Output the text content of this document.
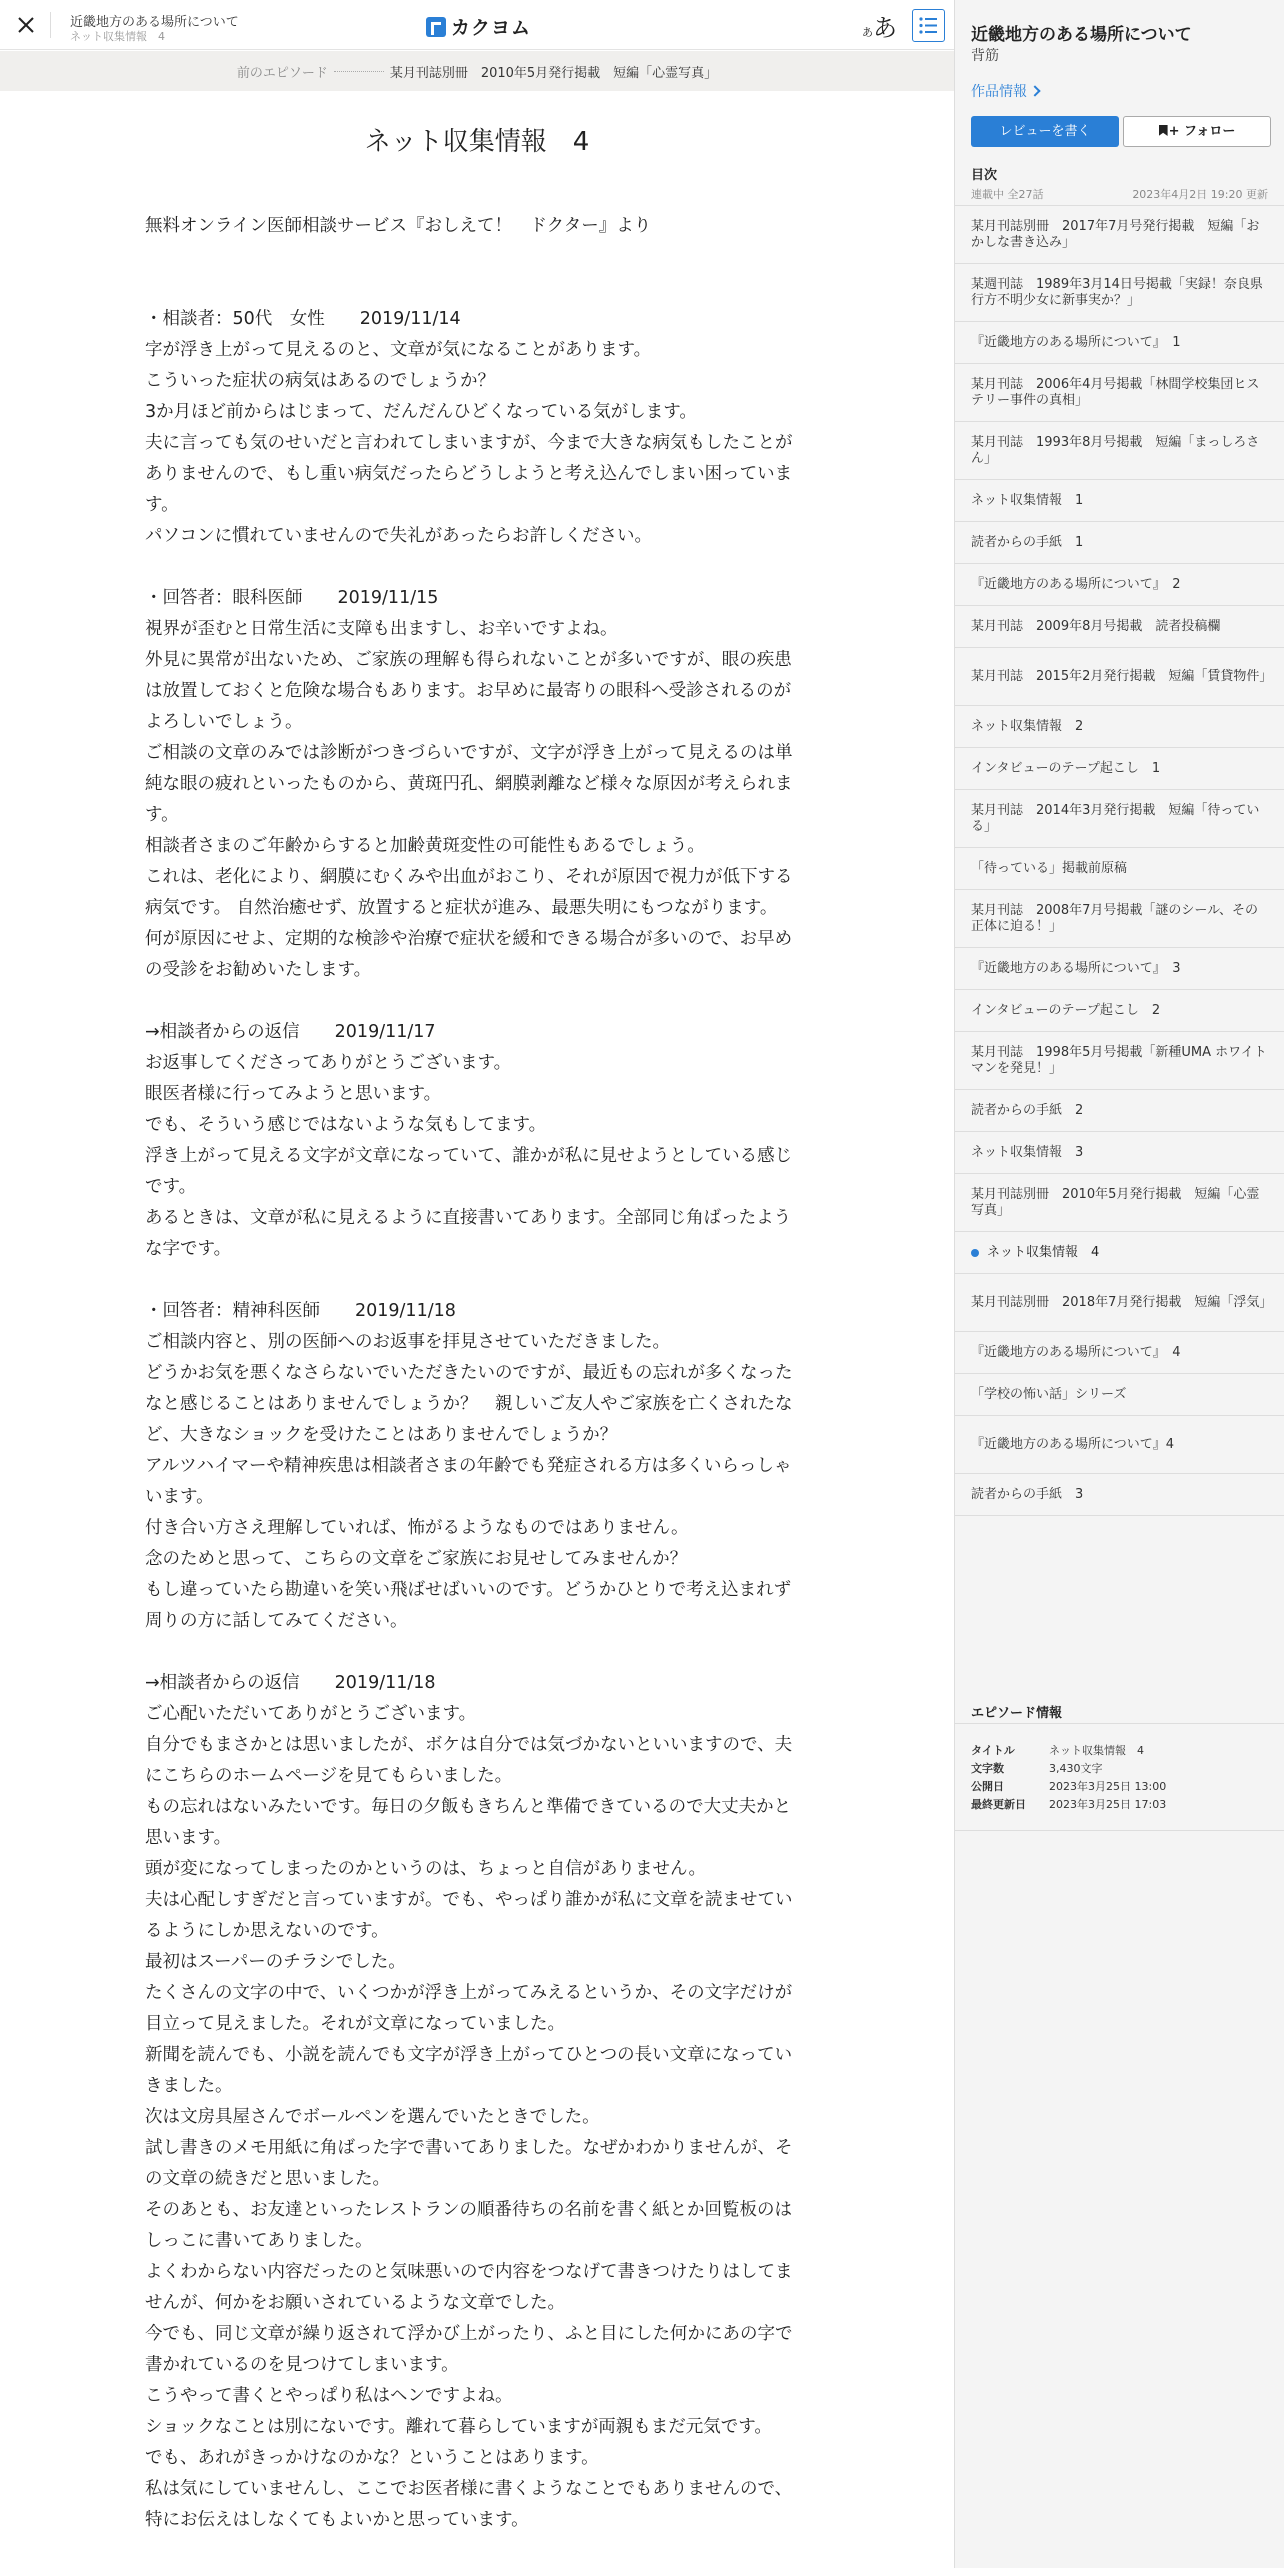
近畿地方のある場所について
ネット収集情報　4	カクヨム	ああ
前のエピソード	某月刊誌別冊　2010年5月発行掲載　短編「心霊写真」
ネット収集情報　4

無料オンライン医師相談サービス『おしえて！　ドクター』より

・相談者：50代　女性　　2019/11/14

字が浮き上がって見えるのと、文章が気になることがあります。

こういった症状の病気はあるのでしょうか？

3か月ほど前からはじまって、だんだんひどくなっている気がします。

夫に言っても気のせいだと言われてしまいますが、今まで大きな病気もしたことがありませんので、もし重い病気だったらどうしようと考え込んでしまい困っています。

パソコンに慣れていませんので失礼があったらお許しください。

・回答者：眼科医師　　2019/11/15

視界が歪むと日常生活に支障も出ますし、お辛いですよね。

外見に異常が出ないため、ご家族の理解も得られないことが多いですが、眼の疾患は放置しておくと危険な場合もあります。お早めに最寄りの眼科へ受診されるのがよろしいでしょう。

ご相談の文章のみでは診断がつきづらいですが、文字が浮き上がって見えるのは単純な眼の疲れといったものから、黄斑円孔、網膜剥離など様々な原因が考えられます。

相談者さまのご年齢からすると加齢黄斑変性の可能性もあるでしょう。

これは、老化により、網膜にむくみや出血がおこり、それが原因で視力が低下する病気です。 自然治癒せず、放置すると症状が進み、最悪失明にもつながります。

何が原因にせよ、定期的な検診や治療で症状を緩和できる場合が多いので、お早めの受診をお勧めいたします。

→相談者からの返信　　2019/11/17

お返事してくださってありがとうございます。

眼医者様に行ってみようと思います。

でも、そういう感じではないような気もしてます。

浮き上がって見える文字が文章になっていて、誰かが私に見せようとしている感じです。

あるときは、文章が私に見えるように直接書いてあります。全部同じ角ばったような字です。

・回答者：精神科医師　　2019/11/18

ご相談内容と、別の医師へのお返事を拝見させていただきました。

どうかお気を悪くなさらないでいただきたいのですが、最近もの忘れが多くなったなと感じることはありませんでしょうか？　親しいご友人やご家族を亡くされたなど、大きなショックを受けたことはありませんでしょうか？

アルツハイマーや精神疾患は相談者さまの年齢でも発症される方は多くいらっしゃいます。

付き合い方さえ理解していれば、怖がるようなものではありません。

念のためと思って、こちらの文章をご家族にお見せしてみませんか？

もし違っていたら勘違いを笑い飛ばせばいいのです。どうかひとりで考え込まれず周りの方に話してみてください。

→相談者からの返信　　2019/11/18

ご心配いただいてありがとうございます。

自分でもまさかとは思いましたが、ボケは自分では気づかないといいますので、夫にこちらのホームページを見てもらいました。

もの忘れはないみたいです。毎日の夕飯もきちんと準備できているので大丈夫かと思います。

頭が変になってしまったのかというのは、ちょっと自信がありません。

夫は心配しすぎだと言っていますが。でも、やっぱり誰かが私に文章を読ませているようにしか思えないのです。

最初はスーパーのチラシでした。

たくさんの文字の中で、いくつかが浮き上がってみえるというか、その文字だけが目立って見えました。それが文章になっていました。

新聞を読んでも、小説を読んでも文字が浮き上がってひとつの長い文章になっていきました。

次は文房具屋さんでボールペンを選んでいたときでした。

試し書きのメモ用紙に角ばった字で書いてありました。なぜかわかりませんが、その文章の続きだと思いました。

そのあとも、お友達といったレストランの順番待ちの名前を書く紙とか回覧板のはしっこに書いてありました。

よくわからない内容だったのと気味悪いので内容をつなげて書きつけたりはしてませんが、何かをお願いされているような文章でした。

今でも、同じ文章が繰り返されて浮かび上がったり、ふと目にした何かにあの字で書かれているのを見つけてしまいます。

こうやって書くとやっぱり私はヘンですよね。

ショックなことは別にないです。離れて暮らしていますが両親もまだ元気です。

でも、あれがきっかけなのかな？ということはあります。

私は気にしていませんし、ここでお医者様に書くようなことでもありませんので、特にお伝えはしなくてもよいかと思っています。

近畿地方のある場所について
背筋
作品情報
レビューを書く	+ フォロー
目次
連載中 全27話	2023年4月2日 19:20 更新
某月刊誌別冊　2017年7月号発行掲載　短編「おかしな書き込み」
某週刊誌　1989年3月14日号掲載「実録！奈良県行方不明少女に新事実か？」
『近畿地方のある場所について』　1
某月刊誌　2006年4月号掲載「林間学校集団ヒステリー事件の真相」
某月刊誌　1993年8月号掲載　短編「まっしろさん」
ネット収集情報　1
読者からの手紙　1
『近畿地方のある場所について』　2
某月刊誌　2009年8月号掲載　読者投稿欄
某月刊誌　2015年2月発行掲載　短編「賃貸物件」
ネット収集情報　2
インタビューのテープ起こし　1
某月刊誌　2014年3月発行掲載　短編「待っている」
「待っている」掲載前原稿
某月刊誌　2008年7月号掲載「謎のシール、その正体に迫る！」
『近畿地方のある場所について』　3
インタビューのテープ起こし　2
某月刊誌　1998年5月号掲載「新種UMA ホワイトマンを発見！」
読者からの手紙　2
ネット収集情報　3
某月刊誌別冊　2010年5月発行掲載　短編「心霊写真」
ネット収集情報　4
某月刊誌別冊　2018年7月発行掲載　短編「浮気」
『近畿地方のある場所について』　4
「学校の怖い話」シリーズ
『近畿地方のある場所について』4
読者からの手紙　3
エピソード情報
タイトル	ネット収集情報　4
文字数	3,430文字
公開日	2023年3月25日 13:00
最終更新日	2023年3月25日 17:03
